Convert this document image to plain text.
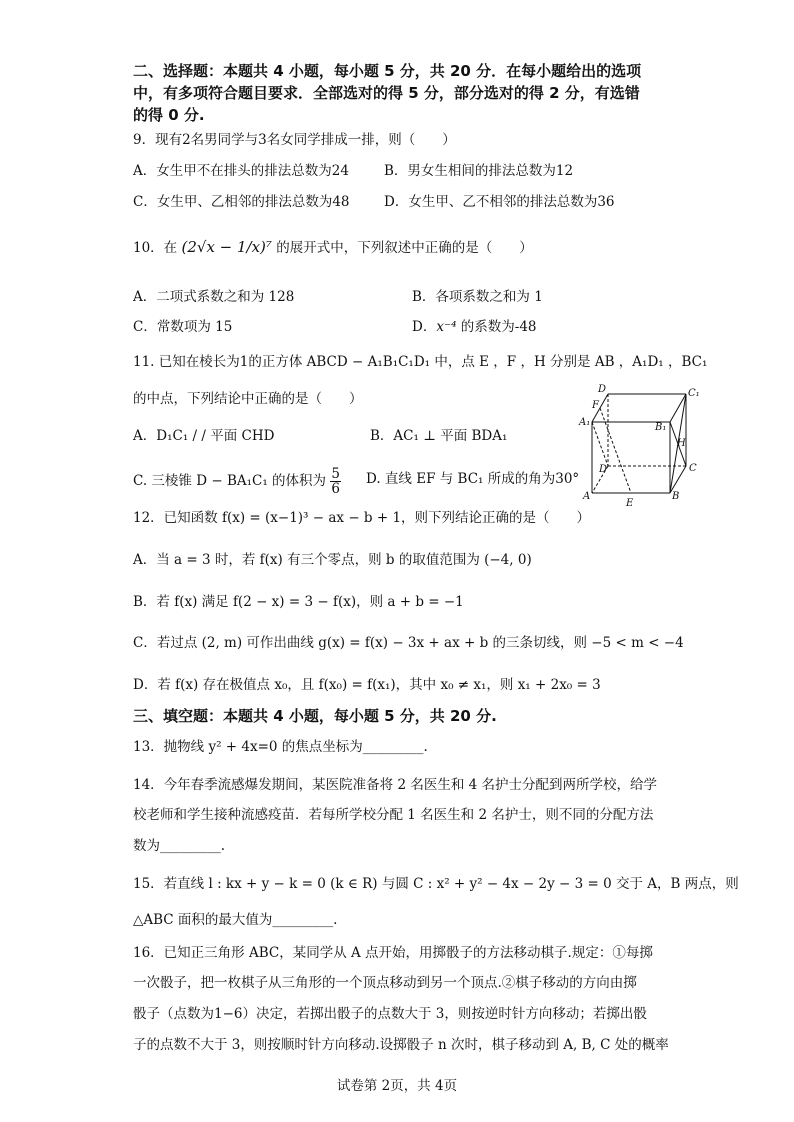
二、选择题：本题共 4 小题，每小题 5 分，共 20 分．在每小题给出的选项
中，有多项符合题目要求．全部选对的得 5 分，部分选对的得 2 分，有选错
的得 0 分.
9．现有2名男同学与3名女同学排成一排，则（　　）
A．女生甲不在排头的排法总数为24	B．男女生相间的排法总数为12
C．女生甲、乙相邻的排法总数为48	D．女生甲、乙不相邻的排法总数为36
10．在 (2√x − 1/x)⁷ 的展开式中，下列叙述中正确的是（　　）
A．二项式系数之和为 128	B．各项系数之和为 1
C．常数项为 15	D．x⁻⁴ 的系数为-48
11. 已知在棱长为1的正方体 ABCD − A₁B₁C₁D₁ 中，点 E ，F ，H 分别是 AB ，A₁D₁ ，BC₁
的中点，下列结论中正确的是（　　）
A．D₁C₁ / / 平面 CHD	B．AC₁ ⊥ 平面 BDA₁
C. 三棱锥 D − BA₁C₁ 的体积为 $\frac{5}{6} D$. 直线 EF 与 BC₁ 所成的角为30°
D	C₁
F
A₁	B₁
H
D	C
A
E
B
12．已知函数 f(x) = (x−1)³ − ax − b + 1，则下列结论正确的是（　　）
A．当 a = 3 时，若 f(x) 有三个零点，则 b 的取值范围为 (−4, 0)
B．若 f(x) 满足 f(2 − x) = 3 − f(x)，则 a + b = −1
C．若过点 (2, m) 可作出曲线 g(x) = f(x) − 3x + ax + b 的三条切线，则 −5 < m < −4
D．若 f(x) 存在极值点 x₀，且 f(x₀) = f(x₁)，其中 x₀ ≠ x₁，则 x₁ + 2x₀ = 3
三、填空题：本题共 4 小题，每小题 5 分，共 20 分.
13．抛物线 y² + 4x=0 的焦点坐标为_________.
14．今年春季流感爆发期间，某医院准备将 2 名医生和 4 名护士分配到两所学校，给学
校老师和学生接种流感疫苗．若每所学校分配 1 名医生和 2 名护士，则不同的分配方法
数为_________.
15．若直线 l : kx + y − k = 0 (k ∈ R) 与圆 C : x² + y² − 4x − 2y − 3 = 0 交于 A，B 两点，则
△ABC 面积的最大值为_________.
16．已知正三角形 ABC，某同学从 A 点开始，用掷骰子的方法移动棋子.规定：①每掷
一次骰子，把一枚棋子从三角形的一个顶点移动到另一个顶点.②棋子移动的方向由掷
骰子（点数为1−6）决定，若掷出骰子的点数大于 3，则按逆时针方向移动；若掷出骰
子的点数不大于 3，则按顺时针方向移动.设掷骰子 n 次时，棋子移动到 A, B, C 处的概率
试卷第 2页，共 4页
